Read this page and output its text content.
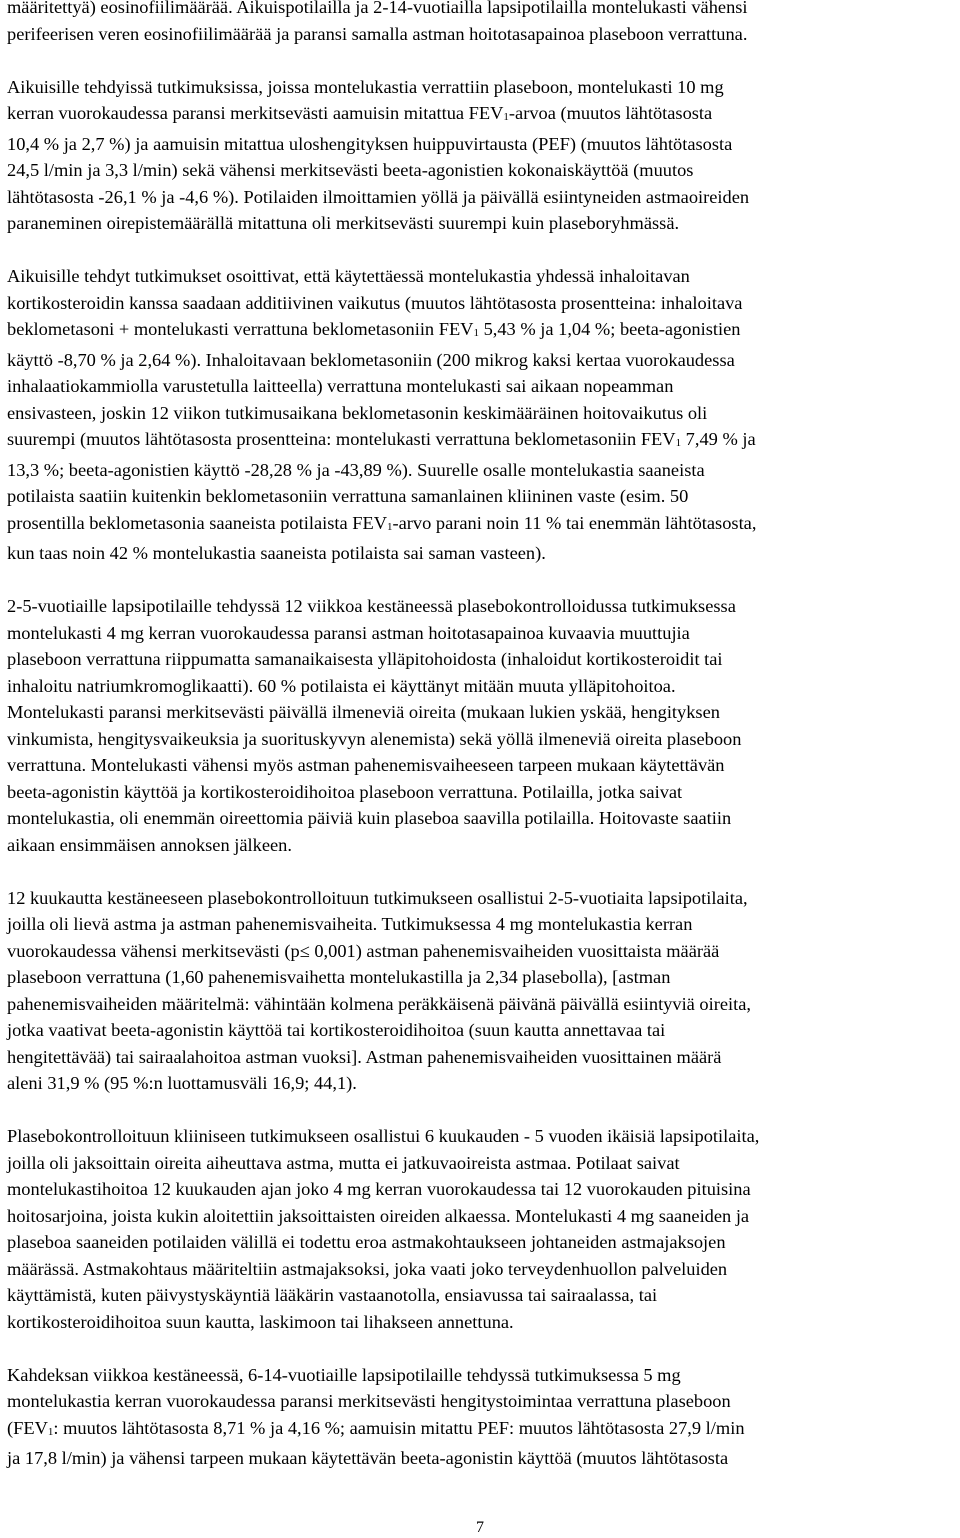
määritettyä) eosinofiilimäärää. Aikuispotilailla ja 2-14-vuotiailla lapsipotilailla montelukasti vähensi
perifeerisen veren eosinofiilimäärää ja paransi samalla astman hoitotasapainoa plaseboon verrattuna.
Aikuisille tehdyissä tutkimuksissa, joissa montelukastia verrattiin plaseboon, montelukasti 10 mg
kerran vuorokaudessa paransi merkitsevästi aamuisin mitattua FEV1-arvoa (muutos lähtötasosta
10,4 % ja 2,7 %) ja aamuisin mitattua uloshengityksen huippuvirtausta (PEF) (muutos lähtötasosta
24,5 l/min ja 3,3 l/min) sekä vähensi merkitsevästi beeta-agonistien kokonaiskäyttöä (muutos
lähtötasosta -26,1 % ja -4,6 %). Potilaiden ilmoittamien yöllä ja päivällä esiintyneiden astmaoireiden
paraneminen oirepistemäärällä mitattuna oli merkitsevästi suurempi kuin plaseboryhmässä.
Aikuisille tehdyt tutkimukset osoittivat, että käytettäessä montelukastia yhdessä inhaloitavan
kortikosteroidin kanssa saadaan additiivinen vaikutus (muutos lähtötasosta prosentteina: inhaloitava
beklometasoni + montelukasti verrattuna beklometasoniin FEV1 5,43 % ja 1,04 %; beeta-agonistien
käyttö -8,70 % ja 2,64 %). Inhaloitavaan beklometasoniin (200 mikrog kaksi kertaa vuorokaudessa
inhalaatiokammiolla varustetulla laitteella) verrattuna montelukasti sai aikaan nopeamman
ensivasteen, joskin 12 viikon tutkimusaikana beklometasonin keskimääräinen hoitovaikutus oli
suurempi (muutos lähtötasosta prosentteina: montelukasti verrattuna beklometasoniin FEV1 7,49 % ja
13,3 %; beeta-agonistien käyttö -28,28 % ja -43,89 %). Suurelle osalle montelukastia saaneista
potilaista saatiin kuitenkin beklometasoniin verrattuna samanlainen kliininen vaste (esim. 50
prosentilla beklometasonia saaneista potilaista FEV1-arvo parani noin 11 % tai enemmän lähtötasosta,
kun taas noin 42 % montelukastia saaneista potilaista sai saman vasteen).
2-5-vuotiaille lapsipotilaille tehdyssä 12 viikkoa kestäneessä plasebokontrolloidussa tutkimuksessa
montelukasti 4 mg kerran vuorokaudessa paransi astman hoitotasapainoa kuvaavia muuttujia
plaseboon verrattuna riippumatta samanaikaisesta ylläpitohoidosta (inhaloidut kortikosteroidit tai
inhaloitu natriumkromoglikaatti). 60 % potilaista ei käyttänyt mitään muuta ylläpitohoitoa.
Montelukasti paransi merkitsevästi päivällä ilmeneviä oireita (mukaan lukien yskää, hengityksen
vinkumista, hengitysvaikeuksia ja suorituskyvyn alenemista) sekä yöllä ilmeneviä oireita plaseboon
verrattuna. Montelukasti vähensi myös astman pahenemisvaiheeseen tarpeen mukaan käytettävän
beeta-agonistin käyttöä ja kortikosteroidihoitoa plaseboon verrattuna. Potilailla, jotka saivat
montelukastia, oli enemmän oireettomia päiviä kuin plaseboa saavilla potilailla. Hoitovaste saatiin
aikaan ensimmäisen annoksen jälkeen.
12 kuukautta kestäneeseen plasebokontrolloituun tutkimukseen osallistui 2-5-vuotiaita lapsipotilaita,
joilla oli lievä astma ja astman pahenemisvaiheita. Tutkimuksessa 4 mg montelukastia kerran
vuorokaudessa vähensi merkitsevästi (p≤ 0,001) astman pahenemisvaiheiden vuosittaista määrää
plaseboon verrattuna (1,60 pahenemisvaihetta montelukastilla ja 2,34 plasebolla), [astman
pahenemisvaiheiden määritelmä: vähintään kolmena peräkkäisenä päivänä päivällä esiintyviä oireita,
jotka vaativat beeta-agonistin käyttöä tai kortikosteroidihoitoa (suun kautta annettavaa tai
hengitettävää) tai sairaalahoitoa astman vuoksi]. Astman pahenemisvaiheiden vuosittainen määrä
aleni 31,9 % (95 %:n luottamusväli 16,9; 44,1).
Plasebokontrolloituun kliiniseen tutkimukseen osallistui 6 kuukauden - 5 vuoden ikäisiä lapsipotilaita,
joilla oli jaksoittain oireita aiheuttava astma, mutta ei jatkuvaoireista astmaa. Potilaat saivat
montelukastihoitoa 12 kuukauden ajan joko 4 mg kerran vuorokaudessa tai 12 vuorokauden pituisina
hoitosarjoina, joista kukin aloitettiin jaksoittaisten oireiden alkaessa. Montelukasti 4 mg saaneiden ja
plaseboa saaneiden potilaiden välillä ei todettu eroa astmakohtaukseen johtaneiden astmajaksojen
määrässä. Astmakohtaus määriteltiin astmajaksoksi, joka vaati joko terveydenhuollon palveluiden
käyttämistä, kuten päivystyskäyntiä lääkärin vastaanotolla, ensiavussa tai sairaalassa, tai
kortikosteroidihoitoa suun kautta, laskimoon tai lihakseen annettuna.
Kahdeksan viikkoa kestäneessä, 6-14-vuotiaille lapsipotilaille tehdyssä tutkimuksessa 5 mg
montelukastia kerran vuorokaudessa paransi merkitsevästi hengitystoimintaa verrattuna plaseboon
(FEV1: muutos lähtötasosta 8,71 % ja 4,16 %; aamuisin mitattu PEF: muutos lähtötasosta 27,9 l/min
ja 17,8 l/min) ja vähensi tarpeen mukaan käytettävän beeta-agonistin käyttöä (muutos lähtötasosta
7
